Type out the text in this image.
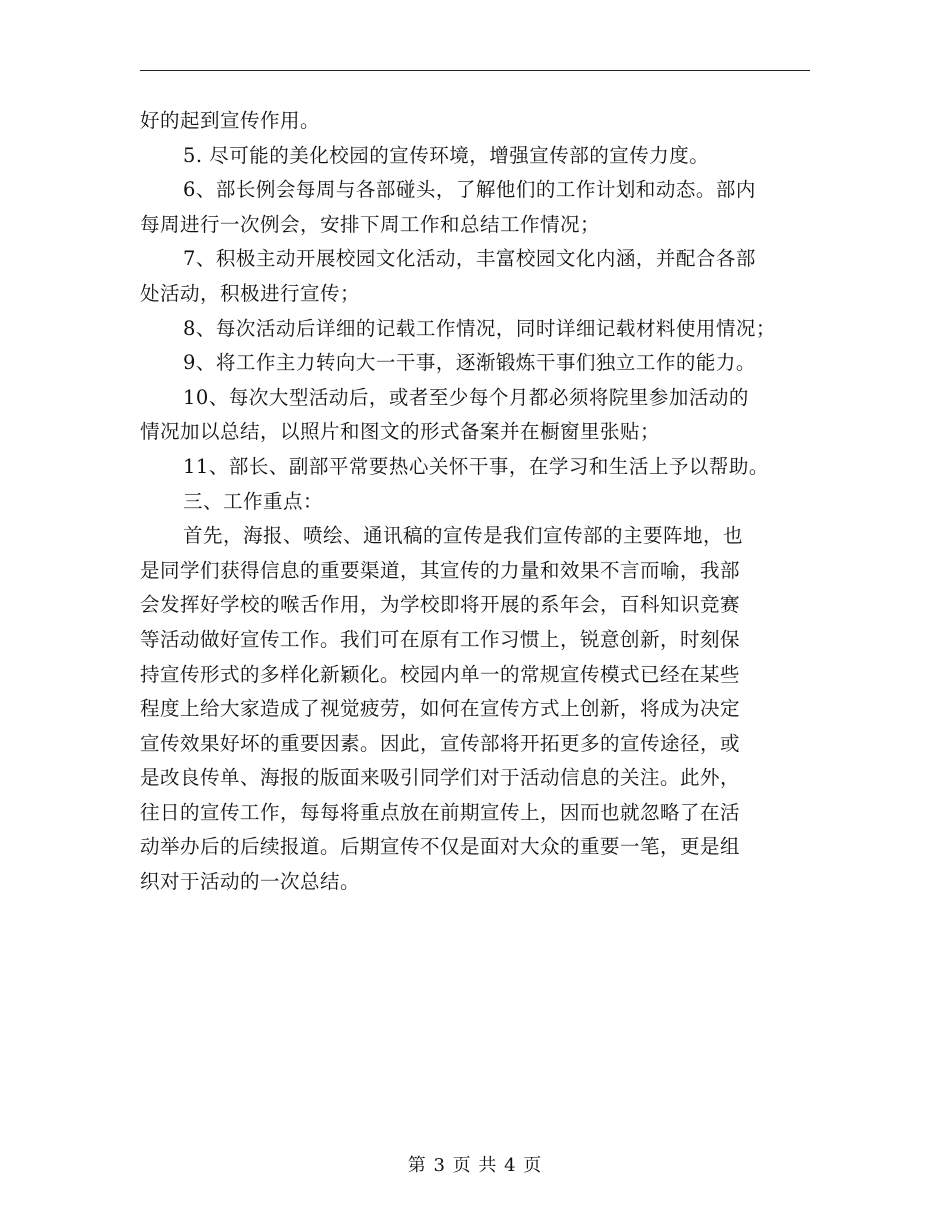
好的起到宣传作用。
5. 尽可能的美化校园的宣传环境，增强宣传部的宣传力度。
6、部长例会每周与各部碰头，了解他们的工作计划和动态。部内
每周进行一次例会，安排下周工作和总结工作情况；
7、积极主动开展校园文化活动，丰富校园文化内涵，并配合各部
处活动，积极进行宣传；
8、每次活动后详细的记载工作情况，同时详细记载材料使用情况；
9、将工作主力转向大一干事，逐渐锻炼干事们独立工作的能力。
10、每次大型活动后，或者至少每个月都必须将院里参加活动的
情况加以总结，以照片和图文的形式备案并在橱窗里张贴；
11、部长、副部平常要热心关怀干事，在学习和生活上予以帮助。
三、工作重点：
首先，海报、喷绘、通讯稿的宣传是我们宣传部的主要阵地，也
是同学们获得信息的重要渠道，其宣传的力量和效果不言而喻，我部
会发挥好学校的喉舌作用，为学校即将开展的系年会，百科知识竞赛
等活动做好宣传工作。我们可在原有工作习惯上，锐意创新，时刻保
持宣传形式的多样化新颖化。校园内单一的常规宣传模式已经在某些
程度上给大家造成了视觉疲劳，如何在宣传方式上创新，将成为决定
宣传效果好坏的重要因素。因此，宣传部将开拓更多的宣传途径，或
是改良传单、海报的版面来吸引同学们对于活动信息的关注。此外，
往日的宣传工作，每每将重点放在前期宣传上，因而也就忽略了在活
动举办后的后续报道。后期宣传不仅是面对大众的重要一笔，更是组
织对于活动的一次总结。
第 3 页 共 4 页
